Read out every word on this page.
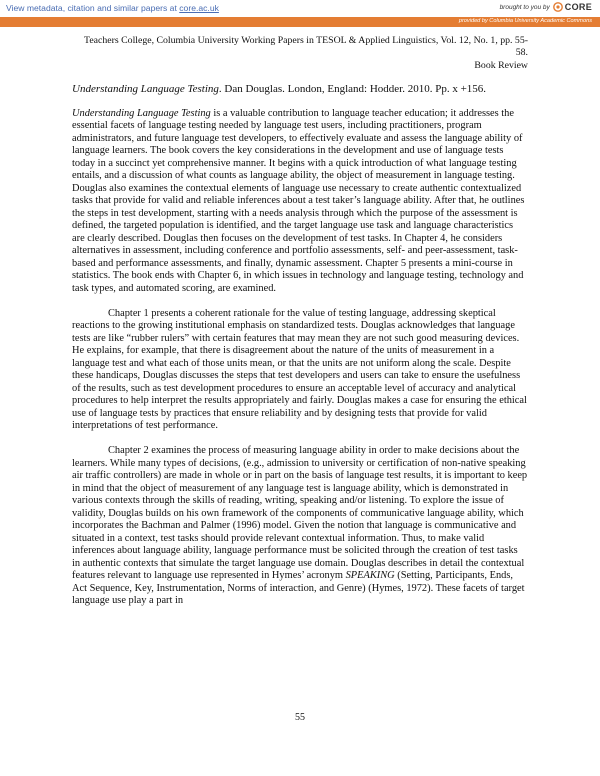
View metadata, citation and similar papers at core.ac.uk	brought to you by CORE
provided by Columbia University Academic Commons
Teachers College, Columbia University Working Papers in TESOL & Applied Linguistics, Vol. 12, No. 1, pp. 55-58.
Book Review
Understanding Language Testing. Dan Douglas. London, England: Hodder. 2010. Pp. x +156.

Understanding Language Testing is a valuable contribution to language teacher education; it addresses the essential facets of language testing needed by language test users, including practitioners, program administrators, and future language test developers, to effectively evaluate and assess the language ability of language learners. The book covers the key considerations in the development and use of language tests today in a succinct yet comprehensive manner. It begins with a quick introduction of what language testing entails, and a discussion of what counts as language ability, the object of measurement in language testing. Douglas also examines the contextual elements of language use necessary to create authentic contextualized tasks that provide for valid and reliable inferences about a test taker’s language ability. After that, he outlines the steps in test development, starting with a needs analysis through which the purpose of the assessment is defined, the targeted population is identified, and the target language use task and language characteristics are clearly described. Douglas then focuses on the development of test tasks. In Chapter 4, he considers alternatives in assessment, including conference and portfolio assessments, self- and peer-assessment, task-based and performance assessments, and finally, dynamic assessment. Chapter 5 presents a mini-course in statistics. The book ends with Chapter 6, in which issues in technology and language testing, technology and task types, and automated scoring, are examined.

Chapter 1 presents a coherent rationale for the value of testing language, addressing skeptical reactions to the growing institutional emphasis on standardized tests. Douglas acknowledges that language tests are like “rubber rulers” with certain features that may mean they are not such good measuring devices. He explains, for example, that there is disagreement about the nature of the units of measurement in a language test and what each of those units mean, or that the units are not uniform along the scale. Despite these handicaps, Douglas discusses the steps that test developers and users can take to ensure the usefulness of the results, such as test development procedures to ensure an acceptable level of accuracy and analytical procedures to help interpret the results appropriately and fairly. Douglas makes a case for ensuring the ethical use of language tests by practices that ensure reliability and by designing tests that provide for valid interpretations of test performance.

Chapter 2 examines the process of measuring language ability in order to make decisions about the learners. While many types of decisions, (e.g., admission to university or certification of non-native speaking air traffic controllers) are made in whole or in part on the basis of language test results, it is important to keep in mind that the object of measurement of any language test is language ability, which is demonstrated in various contexts through the skills of reading, writing, speaking and/or listening. To explore the issue of validity, Douglas builds on his own framework of the components of communicative language ability, which incorporates the Bachman and Palmer (1996) model. Given the notion that language is communicative and situated in a context, test tasks should provide relevant contextual information. Thus, to make valid inferences about language ability, language performance must be solicited through the creation of test tasks in authentic contexts that simulate the target language use domain. Douglas describes in detail the contextual features relevant to language use represented in Hymes’ acronym SPEAKING (Setting, Participants, Ends, Act Sequence, Key, Instrumentation, Norms of interaction, and Genre) (Hymes, 1972). These facets of target language use play a part in

55
